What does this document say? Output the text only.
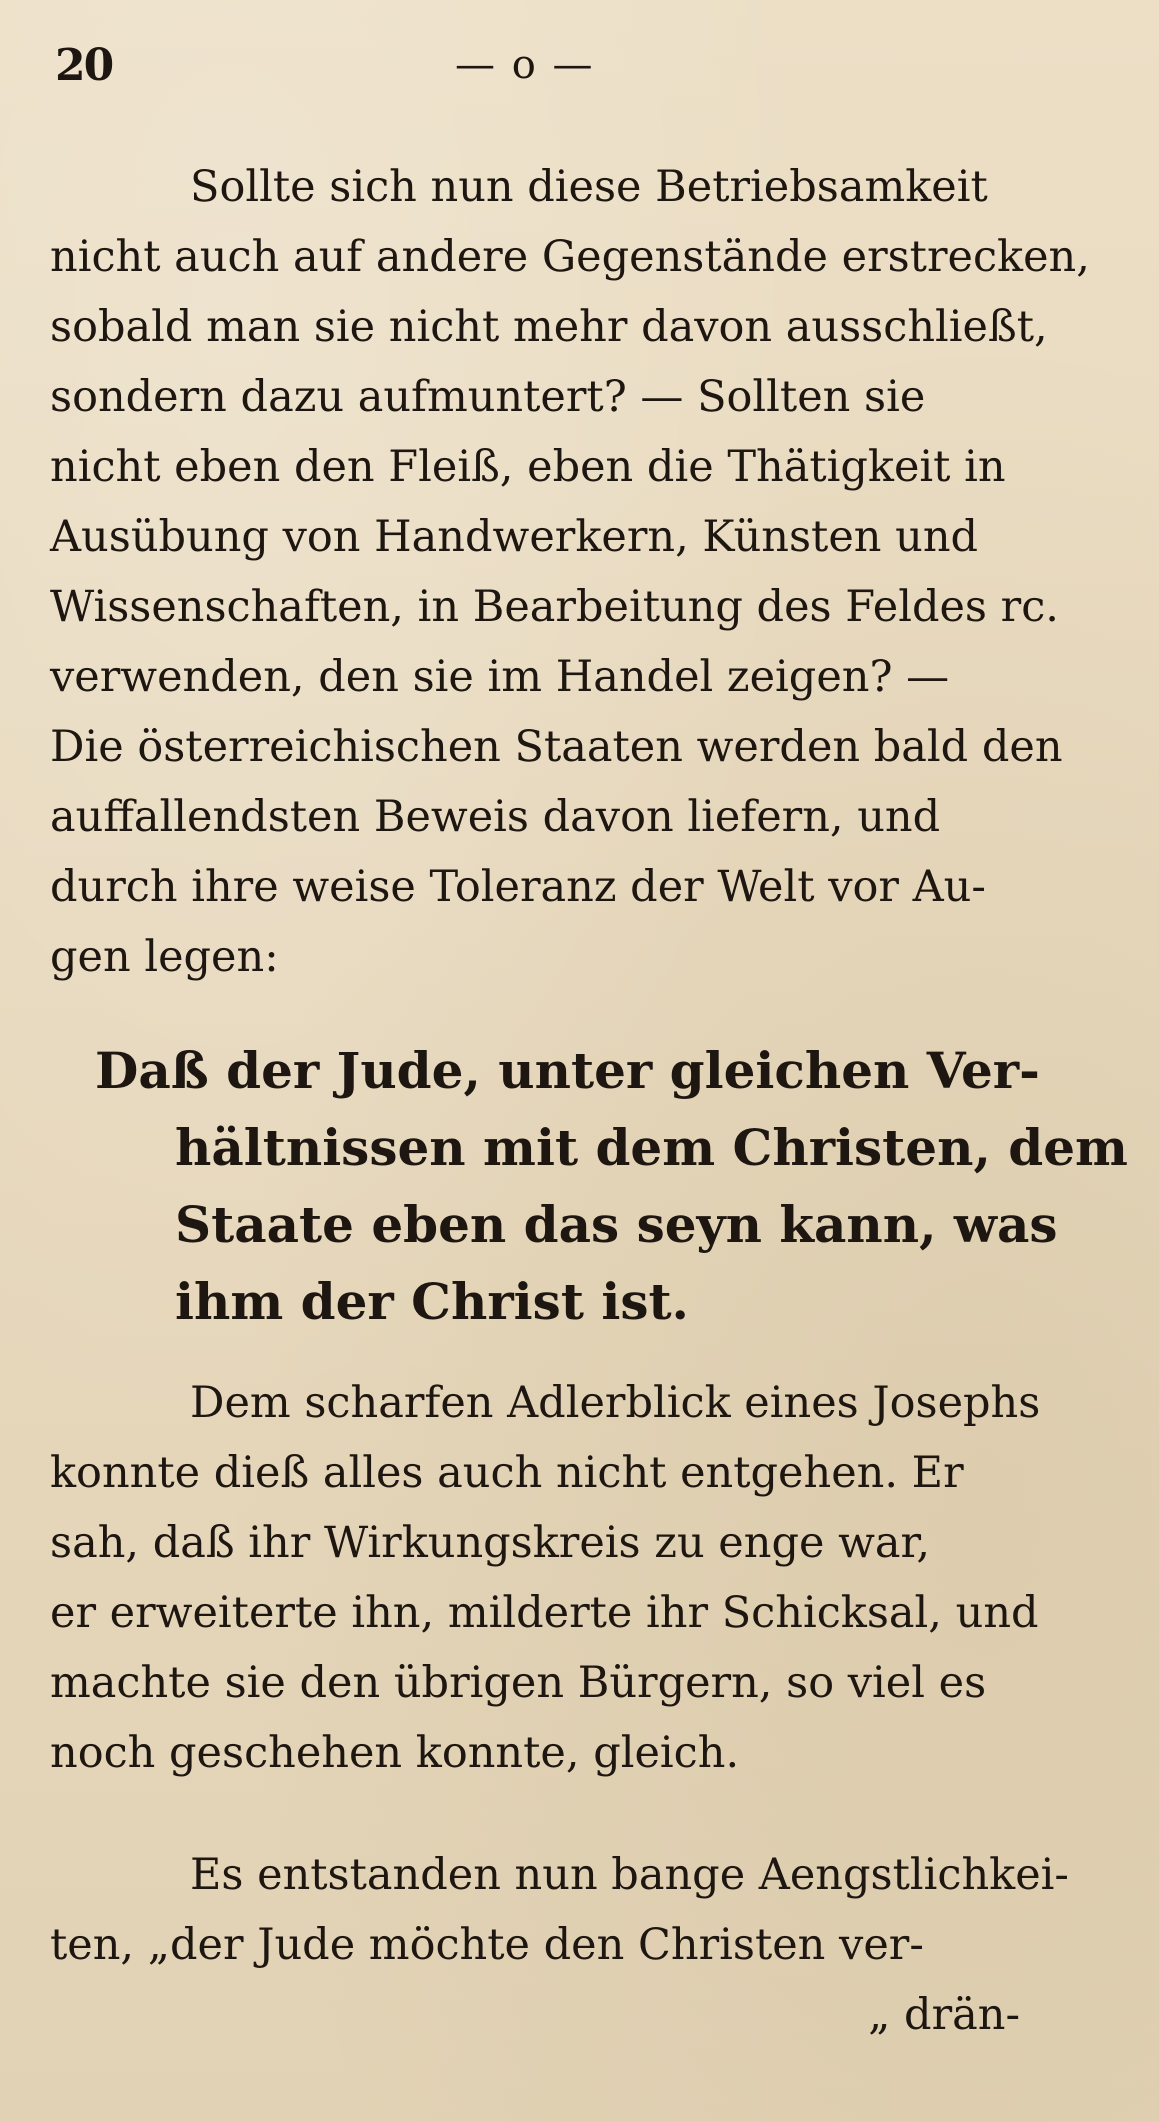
20	— o —
Sollte sich nun diese Betriebsamkeit
nicht auch auf andere Gegenstände erstrecken,
sobald man sie nicht mehr davon ausschließt,
sondern dazu aufmuntert? — Sollten sie
nicht eben den Fleiß, eben die Thätigkeit in
Ausübung von Handwerkern, Künsten und
Wissenschaften, in Bearbeitung des Feldes rc.
verwenden, den sie im Handel zeigen? —
Die österreichischen Staaten werden bald den
auffallendsten Beweis davon liefern, und
durch ihre weise Toleranz der Welt vor Au-
gen legen:
Daß der Jude, unter gleichen Ver-
hältnissen mit dem Christen, dem
Staate eben das seyn kann, was
ihm der Christ ist.
Dem scharfen Adlerblick eines Josephs
konnte dieß alles auch nicht entgehen. Er
sah, daß ihr Wirkungskreis zu enge war,
er erweiterte ihn, milderte ihr Schicksal, und
machte sie den übrigen Bürgern, so viel es
noch geschehen konnte, gleich.
Es entstanden nun bange Aengstlichkei-
ten, „der Jude möchte den Christen ver-
„ drän-
